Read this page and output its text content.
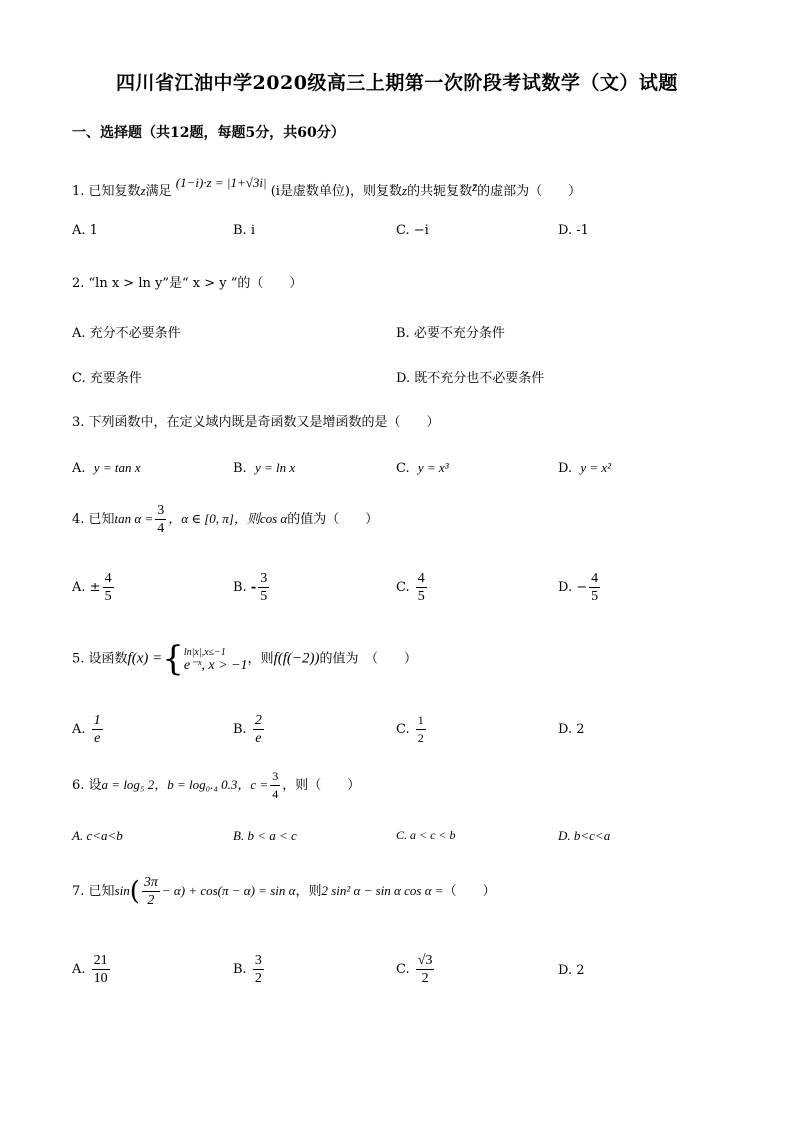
四川省江油中学2020级高三上期第一次阶段考试数学（文）试题
一、选择题（共12题，每题5分，共60分）
1. 已知复数z满足 (1−i)·z = |1+√3i| (i是虚数单位)，则复数z的共轭复数z̄的虚部为（　　）
A. 1	B. i	C. −i	D. -1
2. “ln x > ln y”是“ x > y ”的（　　）
A. 充分不必要条件	B. 必要不充分条件
C. 充要条件	D. 既不充分也不必要条件
3. 下列函数中，在定义域内既是奇函数又是增函数的是（　　）
A. y = tan x	B. y = ln x	C. y = x³	D. y = x²
4. 已知$\tan \alpha = \frac{3}{4}$ ，α ∈ [0, π]，则cos α的值为（　　）
A. ± $\frac{4}{5}$	B. - $\frac{3}{5}$	C. $\frac{4}{5}$	D. − $\frac{4}{5}$
5. 设函数f(x) ={ ln|x|,x≤−1
e⁻ˣ, x > −1 ，则f(f(−2))的值为　（　　）
A. $\frac{1}{e}$	B. $\frac{2}{e}$	C. $\frac{1}{2}$	D. 2
6. 设a = log₅ 2，b = log₀.₄ 0.3，$c = \frac{3}{4}$ ，则（　　）
A. c<a<b	B. b < a < c	C. a < c < b	D. b<c<a
7. 已知$\sin( \frac{3\pi}{2} - \alpha) + \cos(\pi - \alpha) = \sin \alpha$，则2 sin² α − sin α cos α =（　　）
A. $\frac{21}{10}$	B. $\frac{3}{2}$	C. $\frac{√3}{2}$	D. 2
